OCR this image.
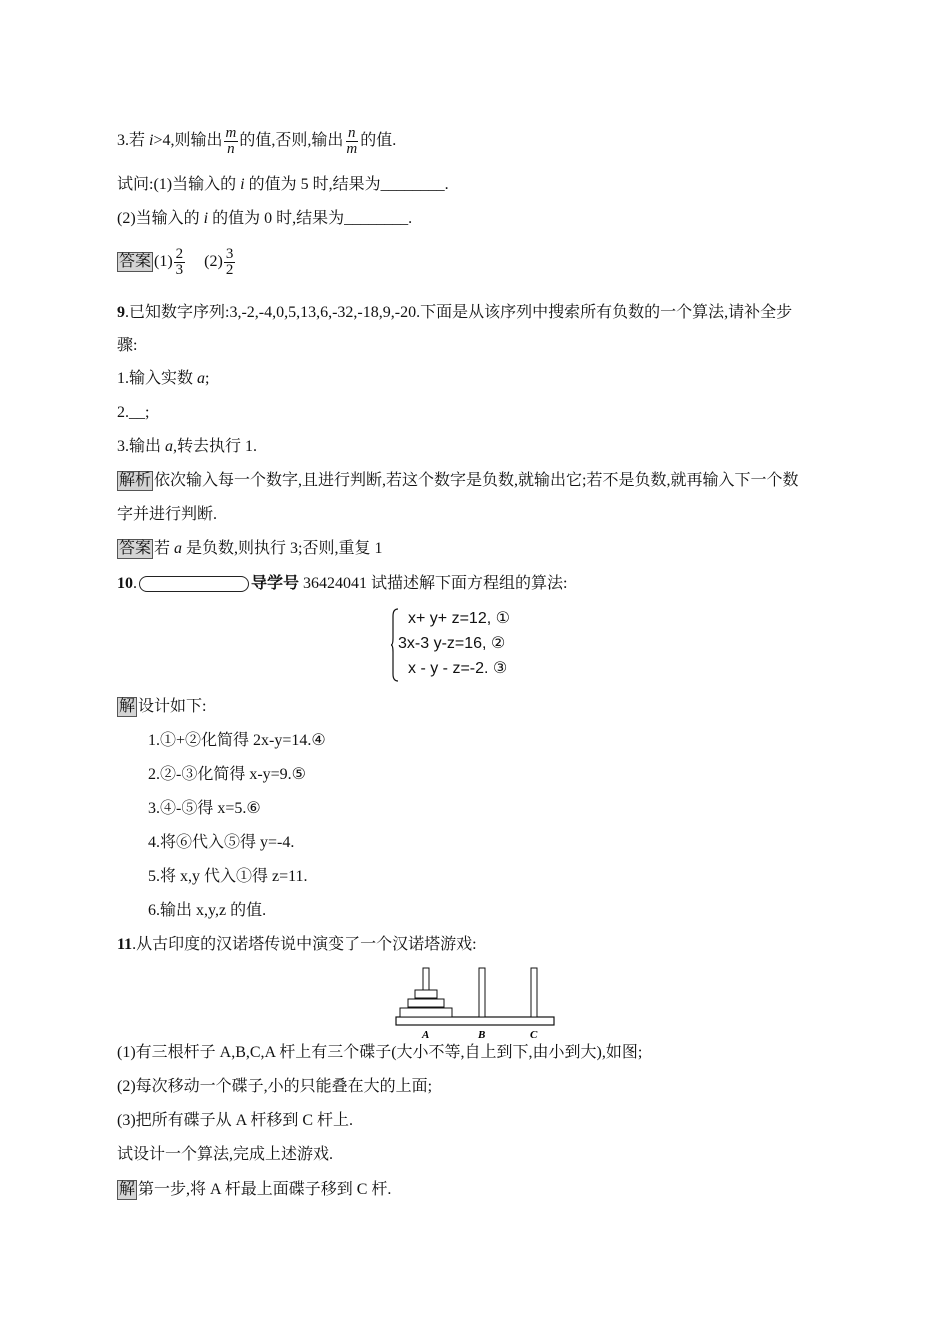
3.若 i>4,则输出 $\frac{m}{n}$ 的值,否则,输出 $\frac{n}{m}$ 的值.
试问:(1)当输入的 i 的值为 5 时,结果为________.
(2)当输入的 i 的值为 0 时,结果为________.
答案 $(1) \frac{2}{3} (2) \frac{3}{2}$
9.已知数字序列:3,-2,-4,0,5,13,6,-32,-18,9,-20.下面是从该序列中搜索所有负数的一个算法,请补全步
骤:
1.输入实数 a;
2.__;
3.输出 a,转去执行 1.
解析 依次输入每一个数字,且进行判断,若这个数字是负数,就输出它;若不是负数,就再输入下一个数
字并进行判断.
答案 若 a 是负数,则执行 3;否则,重复 1
10.	导学号 36424041 试描述解下面方程组的算法:
x+ y+ z=12, ①
3x-3 y-z=16, ②
x - y - z=-2. ③
解 设计如下:
1.①+②化简得 2x-y=14.④
2.②-③化简得 x-y=9.⑤
3.④-⑤得 x=5.⑥
4.将⑥代入⑤得 y=-4.
5.将 x,y 代入①得 z=11.
6.输出 x,y,z 的值.
11.从古印度的汉诺塔传说中演变了一个汉诺塔游戏:
A	B	C
(1)有三根杆子 A,B,C,A 杆上有三个碟子(大小不等,自上到下,由小到大),如图;
(2)每次移动一个碟子,小的只能叠在大的上面;
(3)把所有碟子从 A 杆移到 C 杆上.
试设计一个算法,完成上述游戏.
解 第一步,将 A 杆最上面碟子移到 C 杆.
